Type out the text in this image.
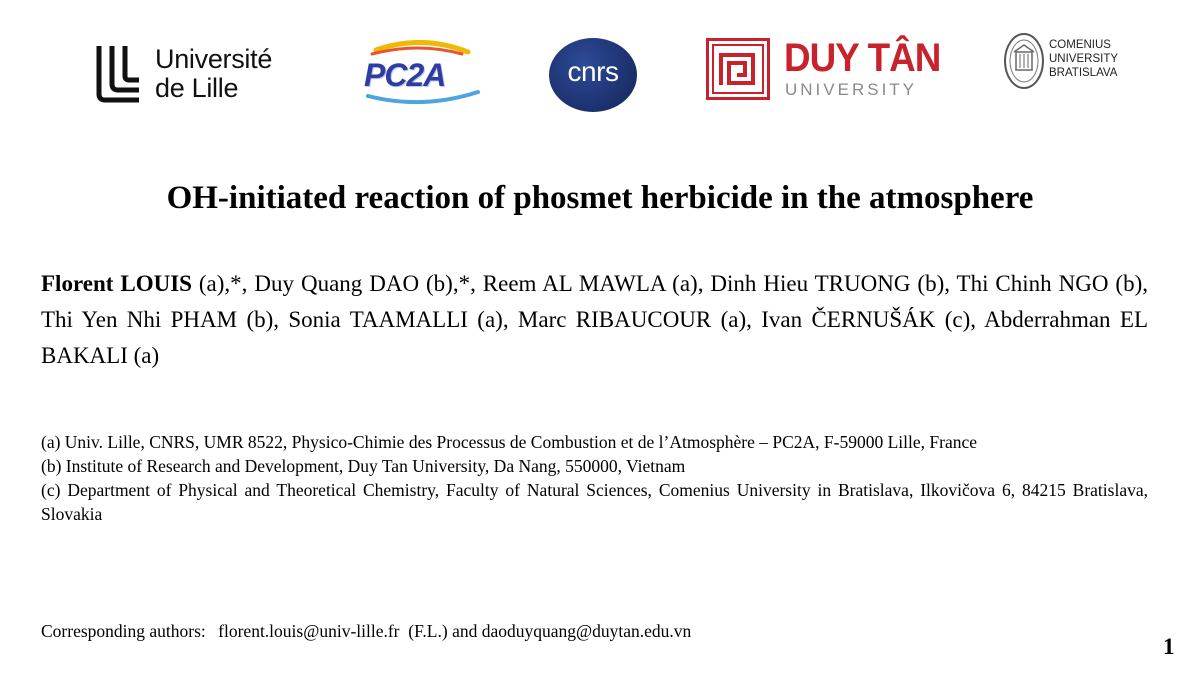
Université
de Lille	PC2A	cnrs	DUY TÂN
UNIVERSITY
COMENIUS
UNIVERSITY
BRATISLAVA
OH-initiated reaction of phosmet herbicide in the atmosphere

Florent LOUIS (a),*, Duy Quang DAO (b),*, Reem AL MAWLA (a), Dinh Hieu TRUONG (b), Thi Chinh NGO (b), Thi Yen Nhi PHAM (b), Sonia TAAMALLI (a), Marc RIBAUCOUR (a), Ivan ČERNUŠÁK (c), Abderrahman EL BAKALI (a)

(a) Univ. Lille, CNRS, UMR 8522, Physico-Chimie des Processus de Combustion et de l’Atmosphère – PC2A, F-59000 Lille, France

(b) Institute of Research and Development, Duy Tan University, Da Nang, 550000, Vietnam

(c) Department of Physical and Theoretical Chemistry, Faculty of Natural Sciences, Comenius University in Bratislava, Ilkovičova 6, 84215 Bratislava, Slovakia

Corresponding authors: florent.louis@univ-lille.fr (F.L.) and daoduyquang@duytan.edu.vn

1
